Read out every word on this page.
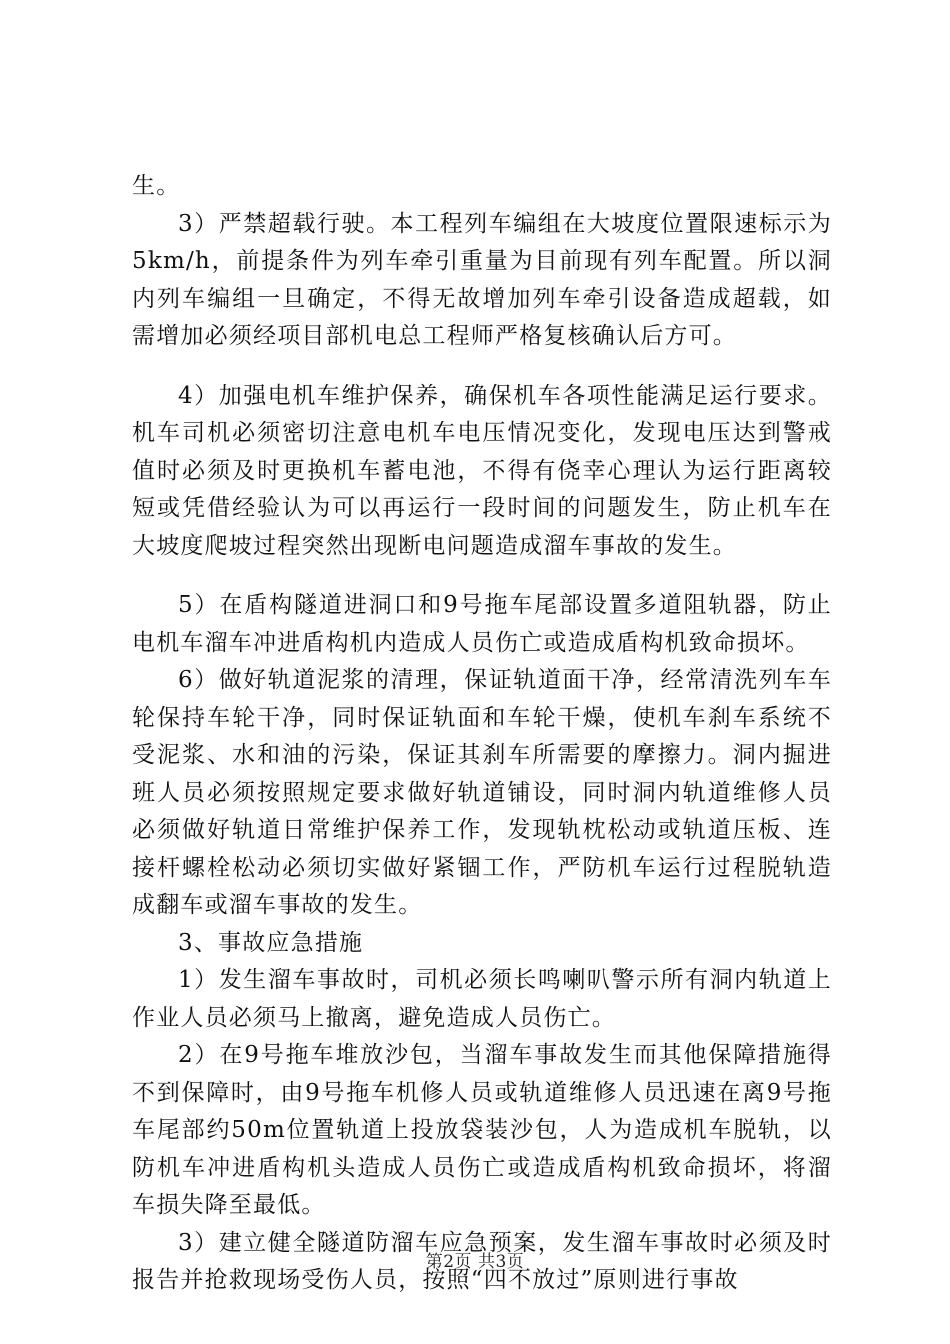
生。

3）严禁超载行驶。本工程列车编组在大坡度位置限速标示为5km/h，前提条件为列车牵引重量为目前现有列车配置。所以洞内列车编组一旦确定，不得无故增加列车牵引设备造成超载，如需增加必须经项目部机电总工程师严格复核确认后方可。

4）加强电机车维护保养，确保机车各项性能满足运行要求。机车司机必须密切注意电机车电压情况变化，发现电压达到警戒值时必须及时更换机车蓄电池，不得有侥幸心理认为运行距离较短或凭借经验认为可以再运行一段时间的问题发生，防止机车在大坡度爬坡过程突然出现断电问题造成溜车事故的发生。

5）在盾构隧道进洞口和9号拖车尾部设置多道阻轨器，防止电机车溜车冲进盾构机内造成人员伤亡或造成盾构机致命损坏。

6）做好轨道泥浆的清理，保证轨道面干净，经常清洗列车车轮保持车轮干净，同时保证轨面和车轮干燥，使机车刹车系统不受泥浆、水和油的污染，保证其刹车所需要的摩擦力。洞内掘进班人员必须按照规定要求做好轨道铺设，同时洞内轨道维修人员必须做好轨道日常维护保养工作，发现轨枕松动或轨道压板、连接杆螺栓松动必须切实做好紧锢工作，严防机车运行过程脱轨造成翻车或溜车事故的发生。

3、事故应急措施

1）发生溜车事故时，司机必须长鸣喇叭警示所有洞内轨道上作业人员必须马上撤离，避免造成人员伤亡。

2）在9号拖车堆放沙包，当溜车事故发生而其他保障措施得不到保障时，由9号拖车机修人员或轨道维修人员迅速在离9号拖车尾部约50m位置轨道上投放袋装沙包，人为造成机车脱轨，以防机车冲进盾构机头造成人员伤亡或造成盾构机致命损坏，将溜车损失降至最低。

3）建立健全隧道防溜车应急预案，发生溜车事故时必须及时报告并抢救现场受伤人员，按照“四不放过”原则进行事故

第2页 共3页
